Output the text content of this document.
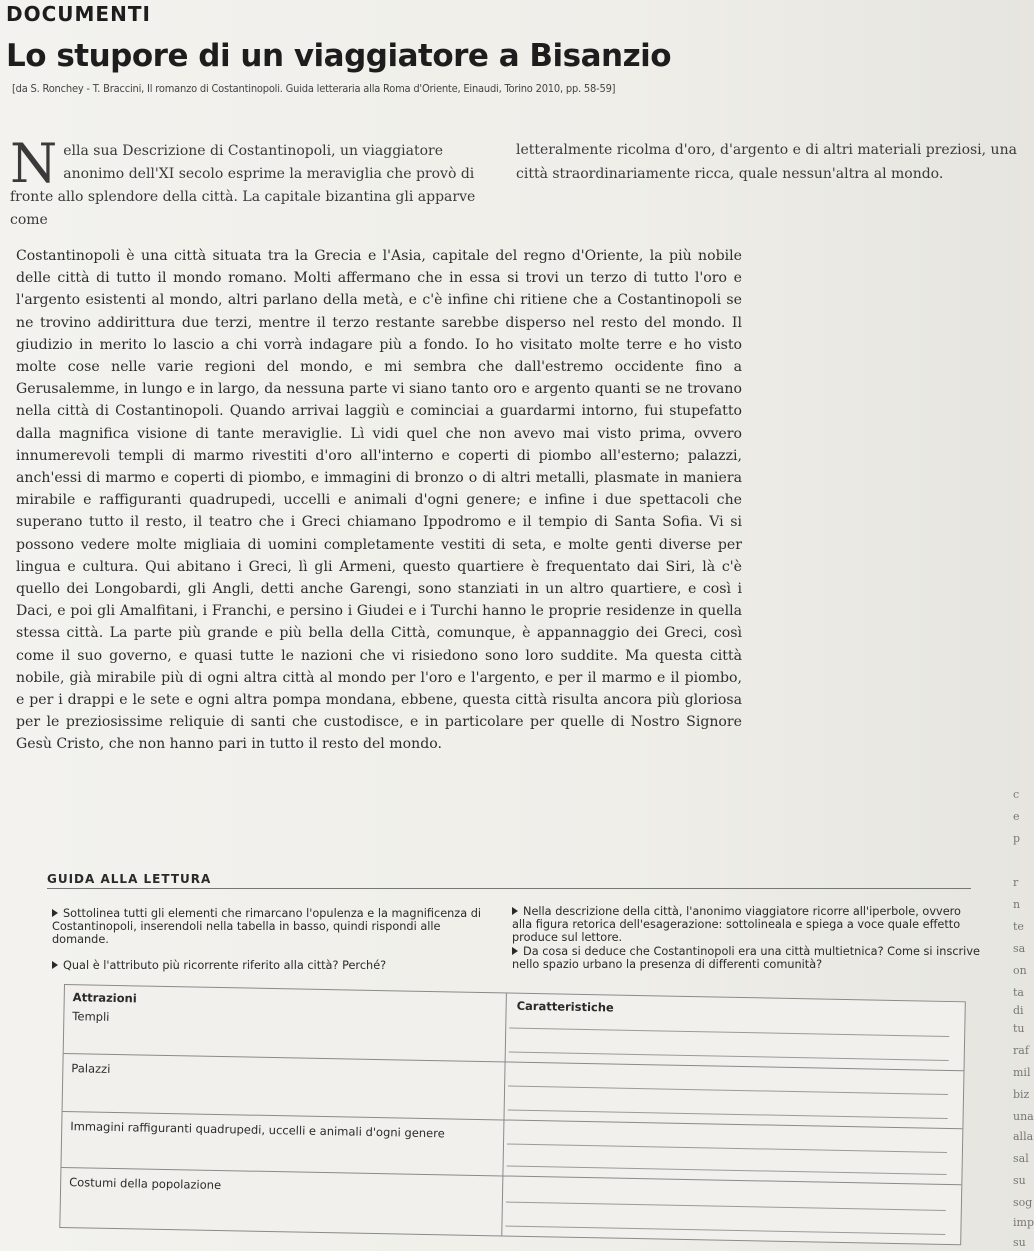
DOCUMENTI
Lo stupore di un viaggiatore a Bisanzio
[da S. Ronchey - T. Braccini, Il romanzo di Costantinopoli. Guida letteraria alla Roma d'Oriente, Einaudi, Torino 2010, pp. 58-59]
N ella sua Descrizione di Costantinopoli, un viaggiatore anonimo dell'XI secolo esprime la meraviglia che provò di fronte allo splendore della città. La capitale bizantina gli apparve come
letteralmente ricolma d'oro, d'argento e di altri materiali preziosi, una città straordinariamente ricca, quale nessun'altra al mondo.
Costantinopoli è una città situata tra la Grecia e l'Asia, capitale del regno d'Oriente, la più nobile delle città di tutto il mondo romano. Molti affermano che in essa si trovi un terzo di tutto l'oro e l'argento esistenti al mondo, altri parlano della metà, e c'è infine chi ritiene che a Costantinopoli se ne trovino addirittura due terzi, mentre il terzo restante sarebbe disperso nel resto del mondo. Il giudizio in merito lo lascio a chi vorrà indagare più a fondo. Io ho visitato molte terre e ho visto molte cose nelle varie regioni del mondo, e mi sembra che dall'estremo occidente fino a Gerusalemme, in lungo e in largo, da nessuna parte vi siano tanto oro e argento quanti se ne trovano nella città di Costantinopoli. Quando arrivai laggiù e cominciai a guardarmi intorno, fui stupefatto dalla magnifica visione di tante meraviglie. Lì vidi quel che non avevo mai visto prima, ovvero innumerevoli templi di marmo rivestiti d'oro all'interno e coperti di piombo all'esterno; palazzi, anch'essi di marmo e coperti di piombo, e immagini di bronzo o di altri metalli, plasmate in maniera mirabile e raffiguranti quadrupedi, uccelli e animali d'ogni genere; e infine i due spettacoli che superano tutto il resto, il teatro che i Greci chiamano Ippodromo e il tempio di Santa Sofia. Vi si possono vedere molte migliaia di uomini completamente vestiti di seta, e molte genti diverse per lingua e cultura. Qui abitano i Greci, lì gli Armeni, questo quartiere è frequentato dai Siri, là c'è quello dei Longobardi, gli Angli, detti anche Garengi, sono stanziati in un altro quartiere, e così i Daci, e poi gli Amalfitani, i Franchi, e persino i Giudei e i Turchi hanno le proprie residenze in quella stessa città. La parte più grande e più bella della Città, comunque, è appannaggio dei Greci, così come il suo governo, e quasi tutte le nazioni che vi risiedono sono loro suddite. Ma questa città nobile, già mirabile più di ogni altra città al mondo per l'oro e l'argento, e per il marmo e il piombo, e per i drappi e le sete e ogni altra pompa mondana, ebbene, questa città risulta ancora più gloriosa per le preziosissime reliquie di santi che custodisce, e in particolare per quelle di Nostro Signore Gesù Cristo, che non hanno pari in tutto il resto del mondo.
GUIDA ALLA LETTURA
Sottolinea tutti gli elementi che rimarcano l'opulenza e la magnificenza di Costantinopoli, inserendoli nella tabella in basso, quindi rispondi alle domande.
Qual è l'attributo più ricorrente riferito alla città? Perché?
Nella descrizione della città, l'anonimo viaggiatore ricorre all'iperbole, ovvero alla figura retorica dell'esagerazione: sottolineala e spiega a voce quale effetto produce sul lettore.
Da cosa si deduce che Costantinopoli era una città multietnica? Come si inscrive nello spazio urbano la presenza di differenti comunità?
Attrazioni
Caratteristiche
Templi
Palazzi
Immagini raffiguranti quadrupedi, uccelli e animali d'ogni genere
Costumi della popolazione
c
e
p
r
n
te
sa
on
ta
di
tu
raf
mil
biz
una
alla
sal
su
sog
imp
su
